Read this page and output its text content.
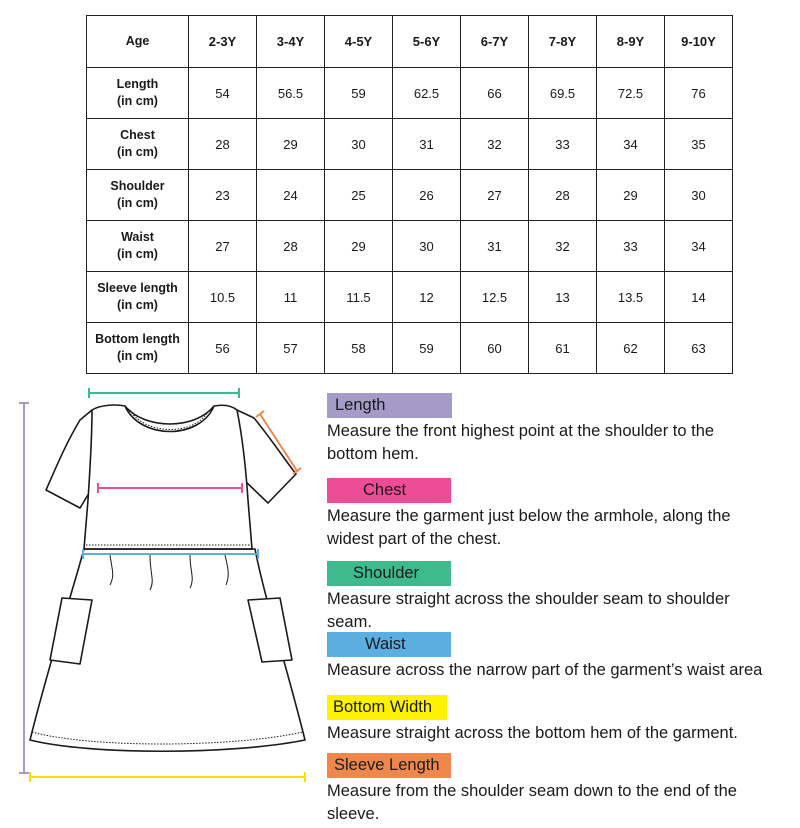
Age	2-3Y	3-4Y	4-5Y	5-6Y	6-7Y	7-8Y	8-9Y	9-10Y

Length
(in cm)	54	56.5	59	62.5	66	69.5	72.5	76

Chest
(in cm)	28	29	30	31	32	33	34	35

Shoulder
(in cm)	23	24	25	26	27	28	29	30

Waist
(in cm)	27	28	29	30	31	32	33	34

Sleeve length
(in cm)	10.5	11	11.5	12	12.5	13	13.5	14

Bottom length
(in cm)	56	57	58	59	60	61	62	63
Length
Measure the front highest point at the shoulder to the bottom hem.
Chest
Measure the garment just below the armhole, along the widest part of the chest.
Shoulder
Measure straight across the shoulder seam to shoulder seam.
Waist
Measure across the narrow part of the garment’s waist area
Bottom Width
Measure straight across the bottom hem of the garment.
Sleeve Length
Measure from the shoulder seam down to the end of the sleeve.
